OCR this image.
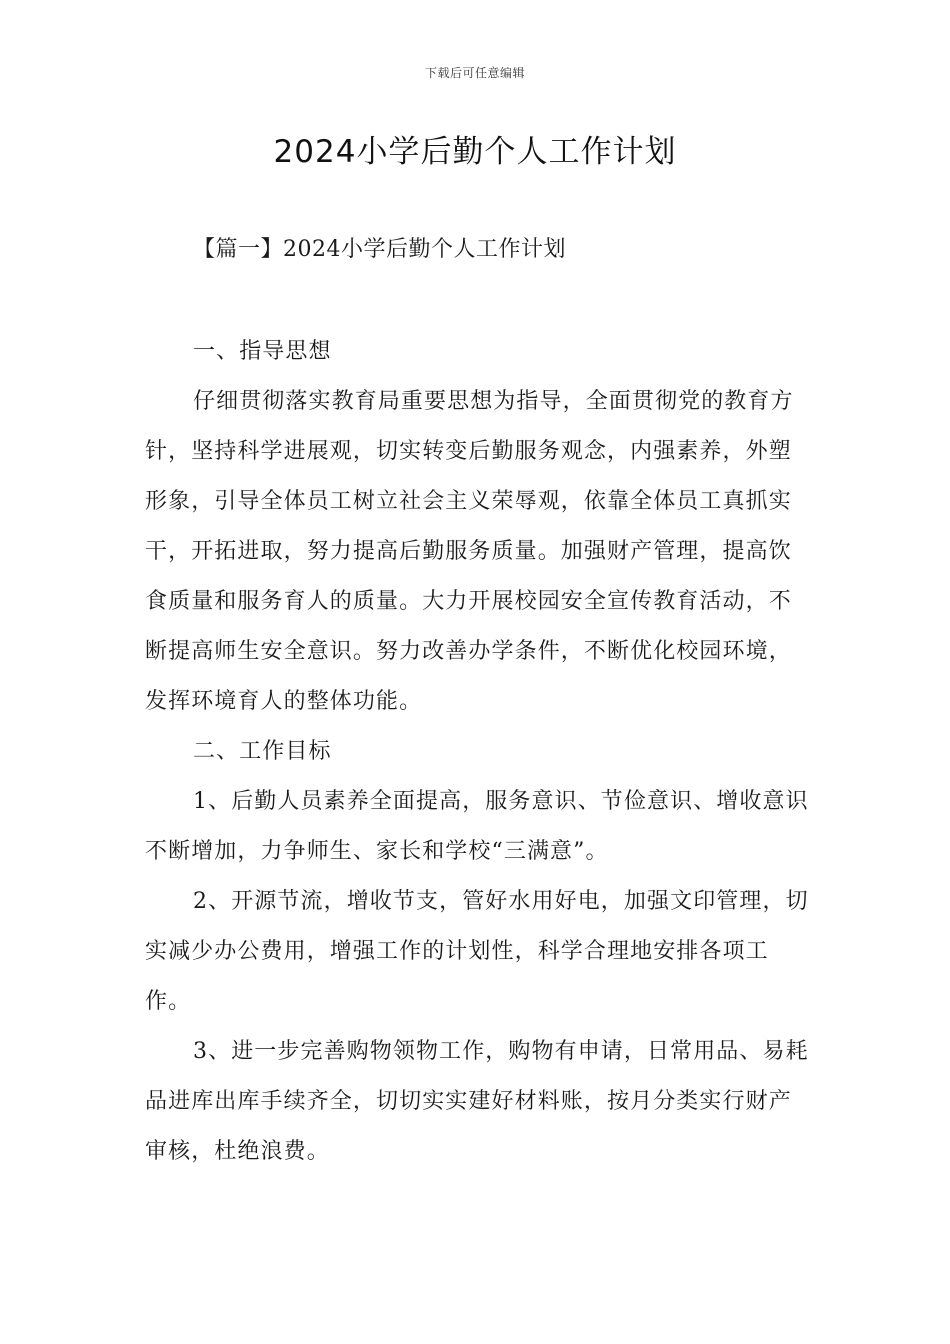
下载后可任意编辑
2024小学后勤个人工作计划
【篇一】2024小学后勤个人工作计划

一、指导思想

仔细贯彻落实教育局重要思想为指导，全面贯彻党的教育方针，坚持科学进展观，切实转变后勤服务观念，内强素养，外塑形象，引导全体员工树立社会主义荣辱观，依靠全体员工真抓实干，开拓进取，努力提高后勤服务质量。加强财产管理，提高饮食质量和服务育人的质量。大力开展校园安全宣传教育活动，不断提高师生安全意识。努力改善办学条件，不断优化校园环境，发挥环境育人的整体功能。

二、工作目标

1、后勤人员素养全面提高，服务意识、节俭意识、增收意识不断增加，力争师生、家长和学校“三满意”。

2、开源节流，增收节支，管好水用好电，加强文印管理，切实减少办公费用，增强工作的计划性，科学合理地安排各项工作。

3、进一步完善购物领物工作，购物有申请，日常用品、易耗品进库出库手续齐全，切切实实建好材料账，按月分类实行财产审核，杜绝浪费。
